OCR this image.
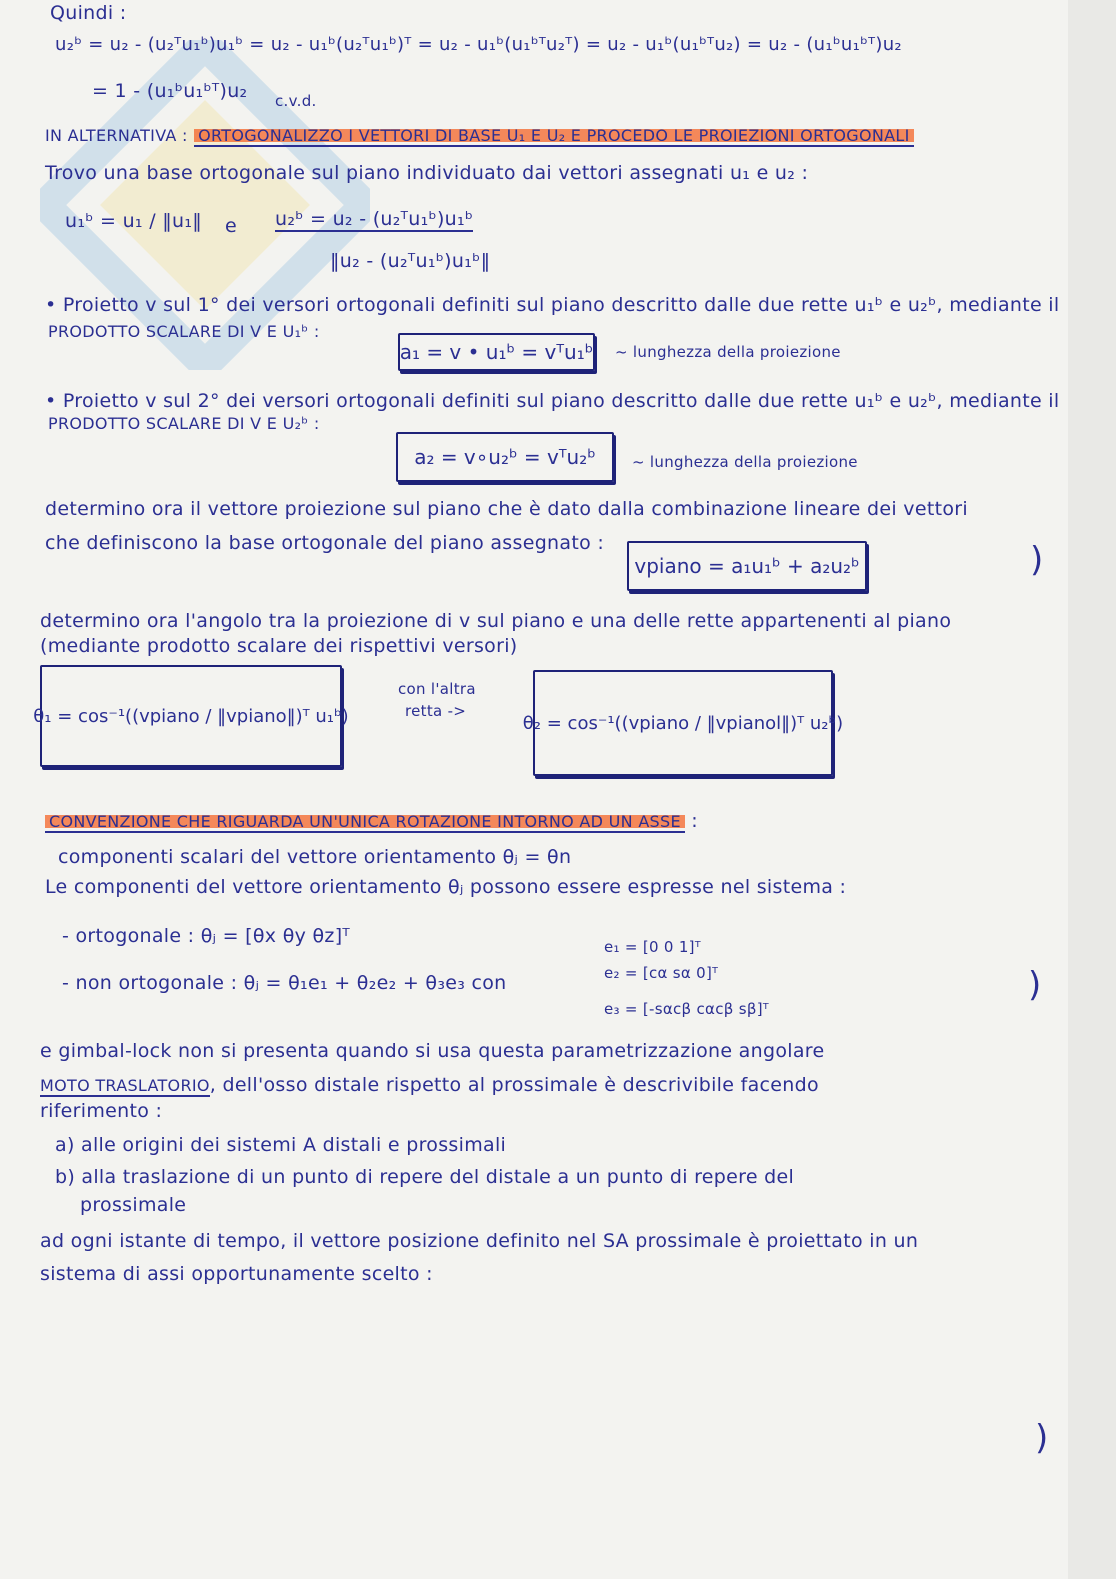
Quindi :
u₂ᵇ = u₂ - (u₂ᵀu₁ᵇ)u₁ᵇ = u₂ - u₁ᵇ(u₂ᵀu₁ᵇ)ᵀ = u₂ - u₁ᵇ(u₁ᵇᵀu₂ᵀ) = u₂ - u₁ᵇ(u₁ᵇᵀu₂) = u₂ - (u₁ᵇu₁ᵇᵀ)u₂
= 1 - (u₁ᵇu₁ᵇᵀ)u₂ c.v.d.
IN ALTERNATIVA : ORTOGONALIZZO I VETTORI DI BASE U₁ E U₂ E PROCEDO LE PROIEZIONI ORTOGONALI
Trovo una base ortogonale sul piano individuato dai vettori assegnati u₁ e u₂ :
u₁ᵇ = u₁ / ‖u₁‖ e u₂ᵇ = u₂ - (u₂ᵀu₁ᵇ)u₁ᵇ
‖u₂ - (u₂ᵀu₁ᵇ)u₁ᵇ‖
• Proietto v sul 1° dei versori ortogonali definiti sul piano descritto dalle due rette u₁ᵇ e u₂ᵇ, mediante il
PRODOTTO SCALARE DI V E U₁ᵇ :
a₁ = v • u₁ᵇ = vᵀu₁ᵇ ~ lunghezza della proiezione
• Proietto v sul 2° dei versori ortogonali definiti sul piano descritto dalle due rette u₁ᵇ e u₂ᵇ, mediante il
PRODOTTO SCALARE DI V E U₂ᵇ :
a₂ = v∘u₂ᵇ = vᵀu₂ᵇ	~ lunghezza della proiezione
determino ora il vettore proiezione sul piano che è dato dalla combinazione lineare dei vettori
che definiscono la base ortogonale del piano assegnato :
vpiano = a₁u₁ᵇ + a₂u₂ᵇ	)
determino ora l'angolo tra la proiezione di v sul piano e una delle rette appartenenti al piano
(mediante prodotto scalare dei rispettivi versori)
θ₁ = cos⁻¹((vpiano / ‖vpiano‖)ᵀ u₁ᵇ)
con l'altra
retta ->
θ₂ = cos⁻¹((vpiano / ‖vpianol‖)ᵀ u₂ᵇ)
CONVENZIONE CHE RIGUARDA UN'UNICA ROTAZIONE INTORNO AD UN ASSE :
componenti scalari del vettore orientamento θⱼ = θn
Le componenti del vettore orientamento θⱼ possono essere espresse nel sistema :
- ortogonale : θⱼ = [θx θy θz]ᵀ	e₁ = [0 0 1]ᵀ
- non ortogonale : θⱼ = θ₁e₁ + θ₂e₂ + θ₃e₃ con	e₂ = [cα sα 0]ᵀ
e₃ = [-sαcβ cαcβ sβ]ᵀ
)
e gimbal-lock non si presenta quando si usa questa parametrizzazione angolare
MOTO TRASLATORIO, dell'osso distale rispetto al prossimale è descrivibile facendo
riferimento :
a) alle origini dei sistemi A distali e prossimali
b) alla traslazione di un punto di repere del distale a un punto di repere del
prossimale
ad ogni istante di tempo, il vettore posizione definito nel SA prossimale è proiettato in un
sistema di assi opportunamente scelto :
)
